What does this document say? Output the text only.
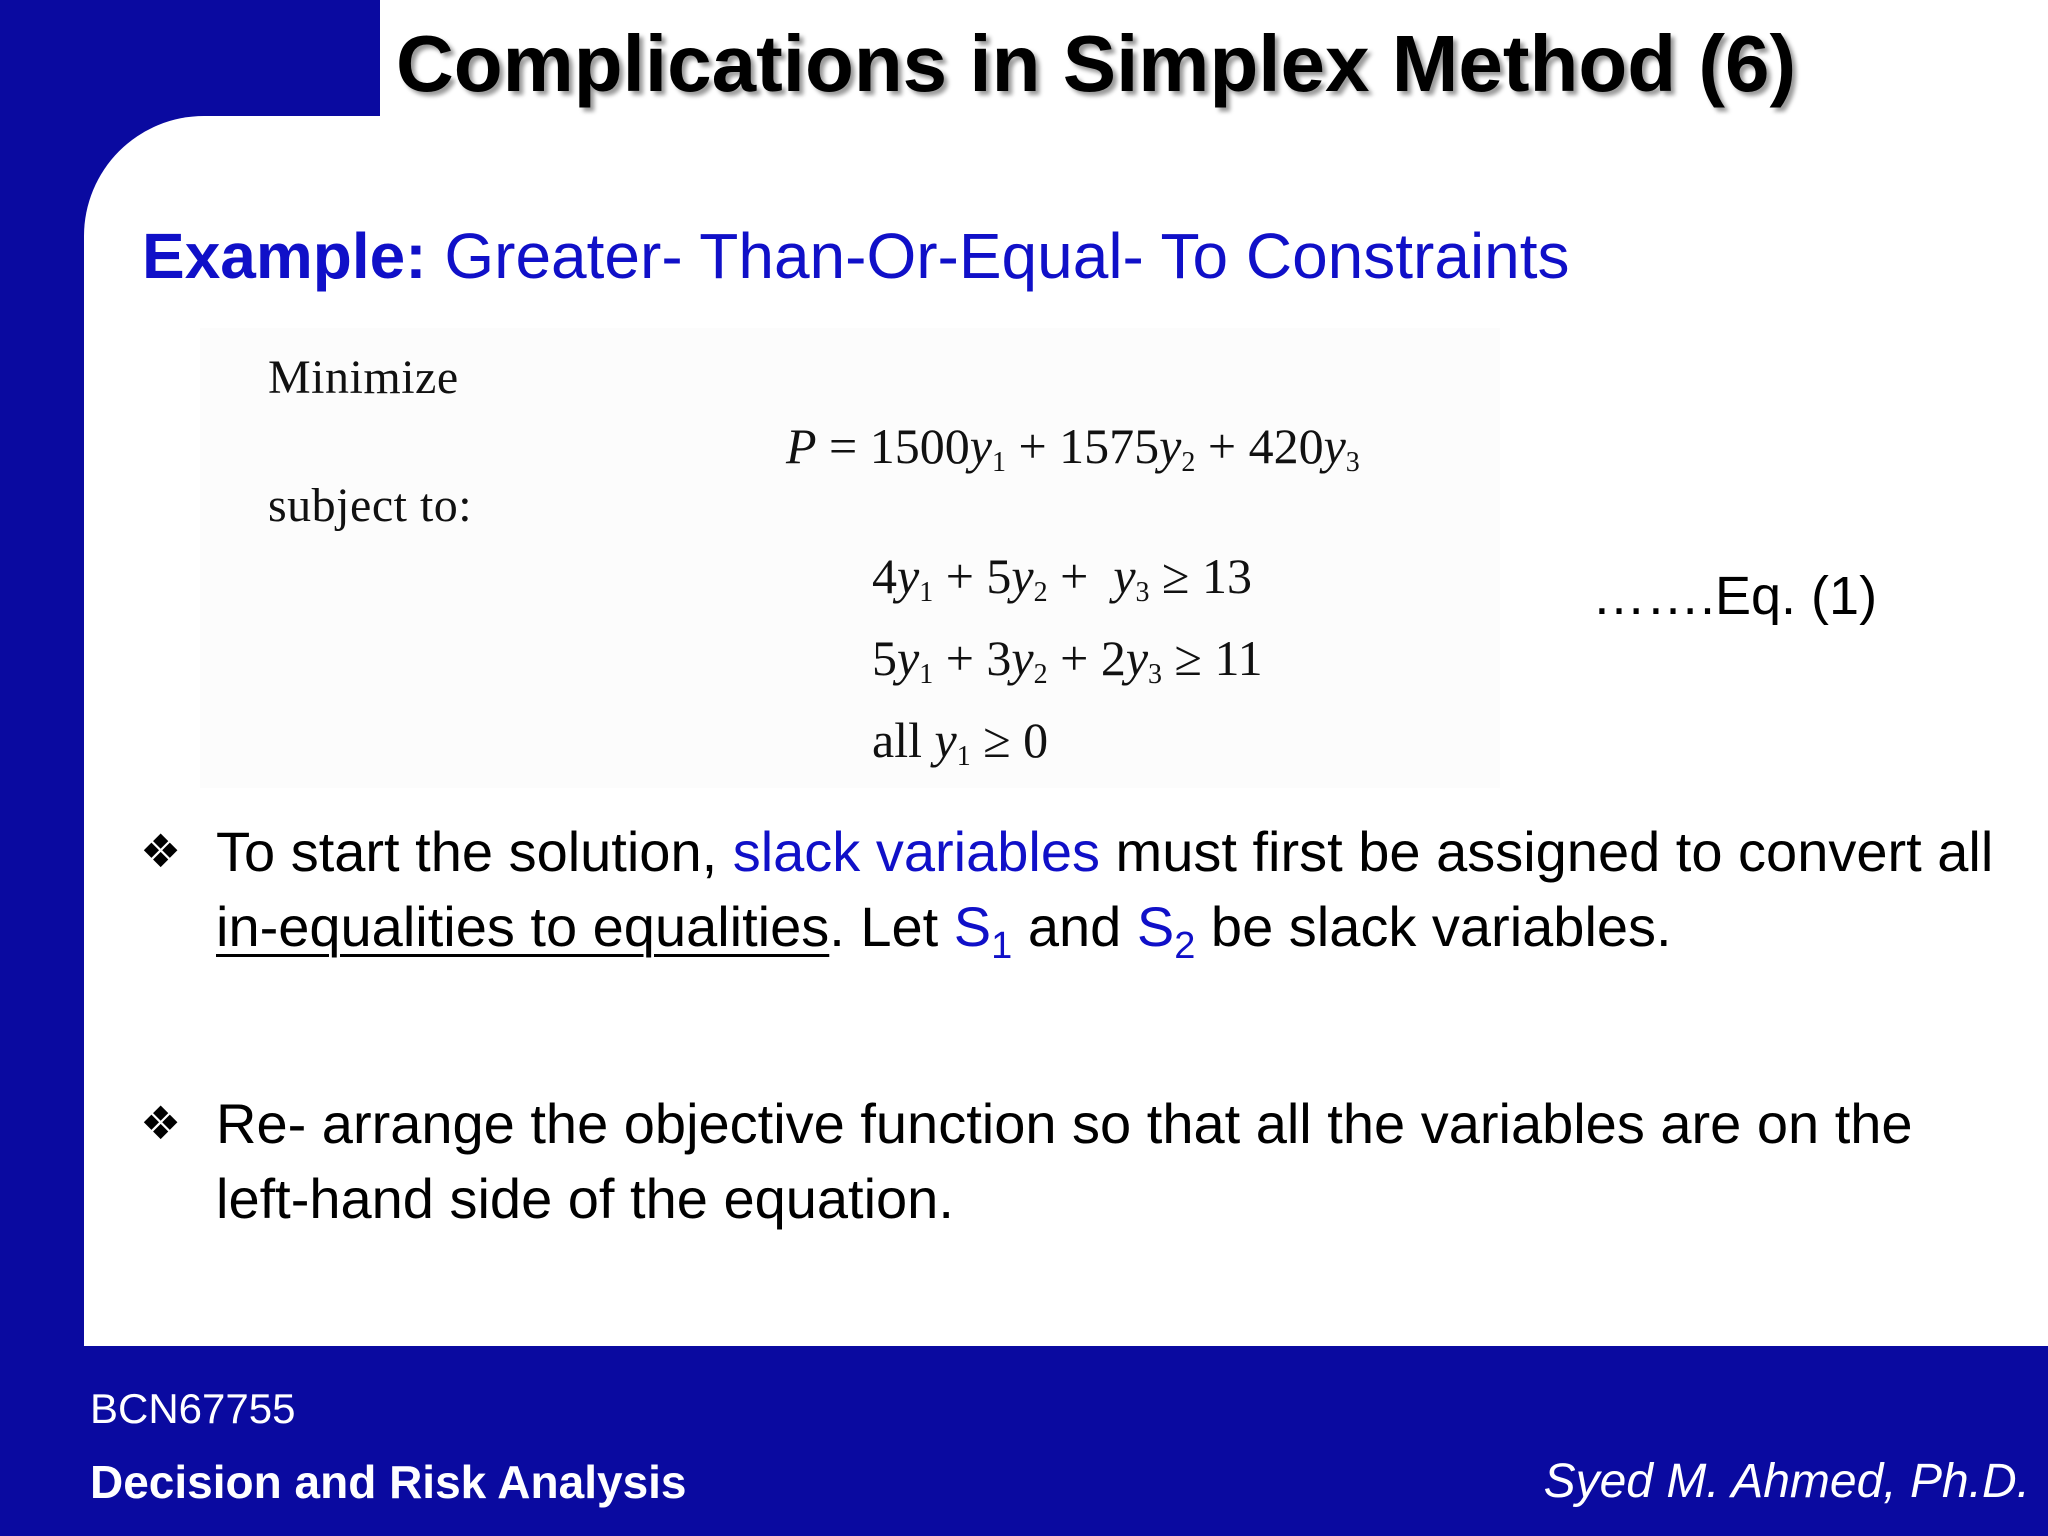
Complications in Simplex Method (6)
Example: Greater- Than-Or-Equal- To Constraints
Minimize
$P = 1500y_1 + 1575y_2 + 420y_3$
subject to:
$4y_1 + 5y_2 + y_3 \ge 13$
$5y_1 + 3y_2 + 2y_3 \ge 11$
all $y_1 \ge 0$
…….Eq. (1)
❖ To start the solution, slack variables must first be assigned to convert all in-equalities to equalities. Let $S_1$ and $S_2$ be slack variables.
❖ Re- arrange the objective function so that all the variables are on the left-hand side of the equation.
BCN67755
Decision and Risk Analysis	Syed M. Ahmed, Ph.D.
